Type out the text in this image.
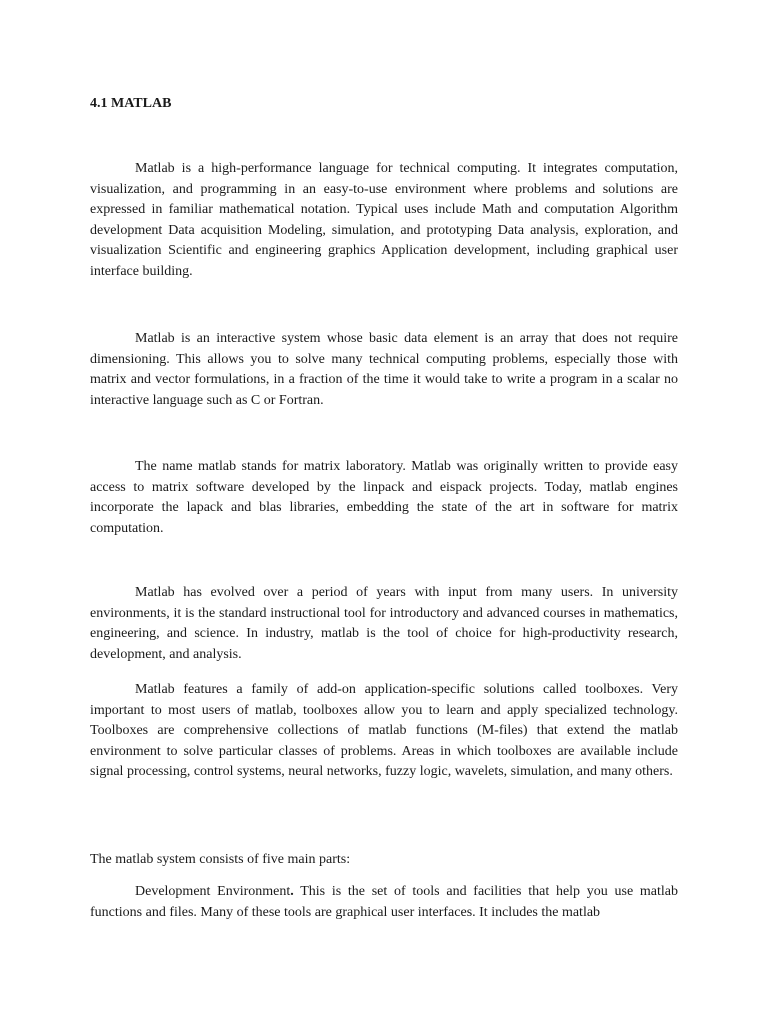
4.1 MATLAB

Matlab is a high-performance language for technical computing. It integrates computation, visualization, and programming in an easy-to-use environment where problems and solutions are expressed in familiar mathematical notation. Typical uses include Math and computation Algorithm development Data acquisition Modeling, simulation, and prototyping Data analysis, exploration, and visualization Scientific and engineering graphics Application development, including graphical user interface building.

Matlab is an interactive system whose basic data element is an array that does not require dimensioning. This allows you to solve many technical computing problems, especially those with matrix and vector formulations, in a fraction of the time it would take to write a program in a scalar no interactive language such as C or Fortran.

The name matlab stands for matrix laboratory. Matlab was originally written to provide easy access to matrix software developed by the linpack and eispack projects. Today, matlab engines incorporate the lapack and blas libraries, embedding the state of the art in software for matrix computation.

Matlab has evolved over a period of years with input from many users. In university environments, it is the standard instructional tool for introductory and advanced courses in mathematics, engineering, and science. In industry, matlab is the tool of choice for high-productivity research, development, and analysis.

Matlab features a family of add-on application-specific solutions called toolboxes. Very important to most users of matlab, toolboxes allow you to learn and apply specialized technology. Toolboxes are comprehensive collections of matlab functions (M-files) that extend the matlab environment to solve particular classes of problems. Areas in which toolboxes are available include signal processing, control systems, neural networks, fuzzy logic, wavelets, simulation, and many others.

The matlab system consists of five main parts:

Development Environment. This is the set of tools and facilities that help you use matlab functions and files. Many of these tools are graphical user interfaces. It includes the matlab
